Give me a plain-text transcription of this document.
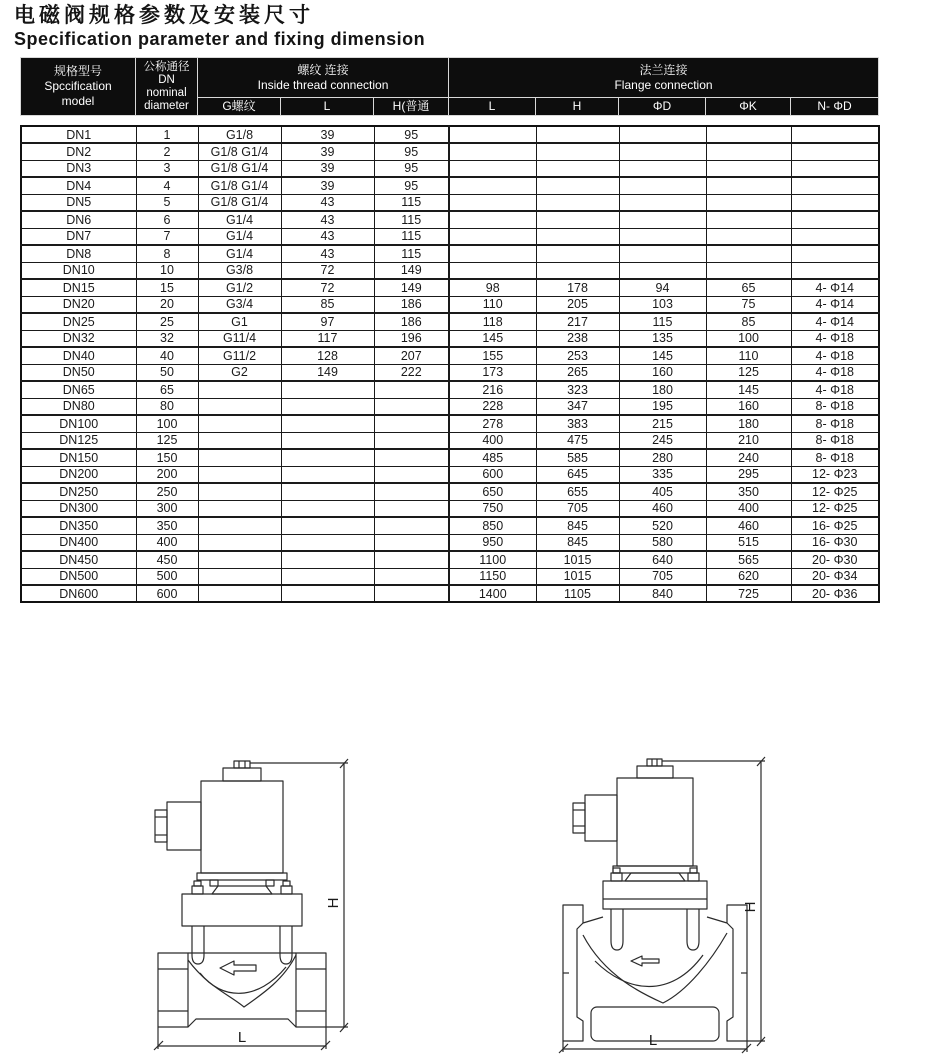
电磁阀规格参数及安装尺寸
Specification parameter and fixing dimension
规格型号
Spccification
model

公称通径
DN
nominal
diameter

螺纹 连接
Inside thread connection

法兰连接
Flange connection

		G螺纹	L	H(普通	L	H	ΦD	ΦK	N- ΦD
DN1	1	G1/8	39	95					
DN2	2	G1/8 G1/4	39	95					
DN3	3	G1/8 G1/4	39	95					
DN4	4	G1/8 G1/4	39	95					
DN5	5	G1/8 G1/4	43	115					
DN6	6	G1/4	43	115					
DN7	7	G1/4	43	115					
DN8	8	G1/4	43	115					
DN10	10	G3/8	72	149					
DN15	15	G1/2	72	149	98	178	94	65	4- Φ14
DN20	20	G3/4	85	186	110	205	103	75	4- Φ14
DN25	25	G1	97	186	118	217	115	85	4- Φ14
DN32	32	G11/4	117	196	145	238	135	100	4- Φ18
DN40	40	G11/2	128	207	155	253	145	110	4- Φ18
DN50	50	G2	149	222	173	265	160	125	4- Φ18
DN65	65				216	323	180	145	4- Φ18
DN80	80				228	347	195	160	8- Φ18
DN100	100				278	383	215	180	8- Φ18
DN125	125				400	475	245	210	8- Φ18
DN150	150				485	585	280	240	8- Φ18
DN200	200				600	645	335	295	12- Φ23
DN250	250				650	655	405	350	12- Φ25
DN300	300				750	705	460	400	12- Φ25
DN350	350				850	845	520	460	16- Φ25
DN400	400				950	845	580	515	16- Φ30
DN450	450				1100	1015	640	565	20- Φ30
DN500	500				1150	1015	705	620	20- Φ34
DN600	600				1400	1105	840	725	20- Φ36
H
L
H
L
